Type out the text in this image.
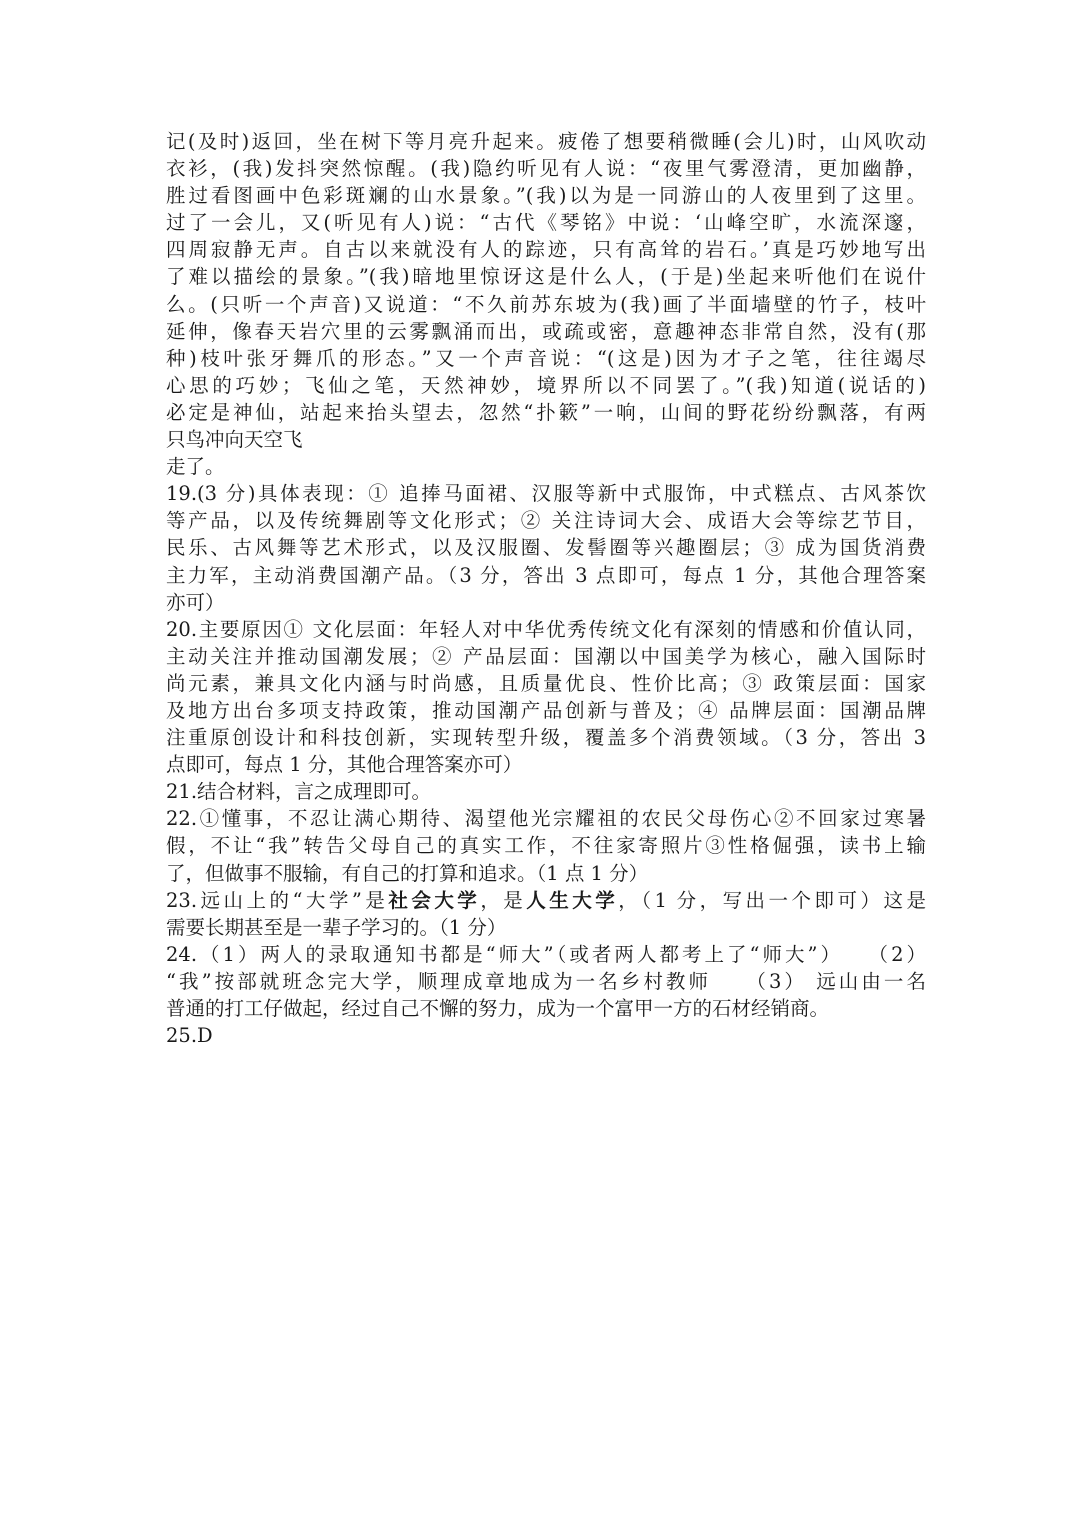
记(及时)返回，坐在树下等月亮升起来。疲倦了想要稍微睡(会儿)时，山风吹动
衣衫，(我)发抖突然惊醒。(我)隐约听见有人说：“夜里气雾澄清，更加幽静，
胜过看图画中色彩斑斓的山水景象。”(我)以为是一同游山的人夜里到了这里。
过了一会儿，又(听见有人)说：“古代《琴铭》中说：‘山峰空旷，水流深邃，
四周寂静无声。自古以来就没有人的踪迹，只有高耸的岩石。’真是巧妙地写出
了难以描绘的景象。”(我)暗地里惊讶这是什么人，(于是)坐起来听他们在说什
么。(只听一个声音)又说道：“不久前苏东坡为(我)画了半面墙壁的竹子，枝叶
延伸，像春天岩穴里的云雾飘涌而出，或疏或密，意趣神态非常自然，没有(那
种)枝叶张牙舞爪的形态。”又一个声音说：“(这是)因为才子之笔，往往竭尽
心思的巧妙；飞仙之笔，天然神妙，境界所以不同罢了。”(我)知道(说话的)
必定是神仙，站起来抬头望去，忽然“扑簌”一响，山间的野花纷纷飘落，有两
只鸟冲向天空飞
走了。
19.(3 分)具体表现：① 追捧马面裙、汉服等新中式服饰，中式糕点、古风茶饮
等产品，以及传统舞剧等文化形式；② 关注诗词大会、成语大会等综艺节目，
民乐、古风舞等艺术形式，以及汉服圈、发髻圈等兴趣圈层；③ 成为国货消费
主力军，主动消费国潮产品。（3 分，答出 3 点即可，每点 1 分，其他合理答案
亦可）
20.主要原因① 文化层面：年轻人对中华优秀传统文化有深刻的情感和价值认同，
主动关注并推动国潮发展；② 产品层面：国潮以中国美学为核心，融入国际时
尚元素，兼具文化内涵与时尚感，且质量优良、性价比高；③ 政策层面：国家
及地方出台多项支持政策，推动国潮产品创新与普及；④ 品牌层面：国潮品牌
注重原创设计和科技创新，实现转型升级，覆盖多个消费领域。（3 分，答出 3
点即可，每点 1 分，其他合理答案亦可）
21.结合材料，言之成理即可。
22.①懂事，不忍让满心期待、渴望他光宗耀祖的农民父母伤心②不回家过寒暑
假，不让“我”转告父母自己的真实工作，不往家寄照片③性格倔强，读书上输
了，但做事不服输，有自己的打算和追求。（1 点 1 分）
23.远山上的“大学”是社会大学，是人生大学，（1 分，写出一个即可）这是
需要长期甚至是一辈子学习的。（1 分）
24.（1）两人的录取通知书都是“师大”（或者两人都考上了“师大”）　　（2）
“我”按部就班念完大学，顺理成章地成为一名乡村教师　　（3） 远山由一名
普通的打工仔做起，经过自己不懈的努力，成为一个富甲一方的石材经销商。
25.D
